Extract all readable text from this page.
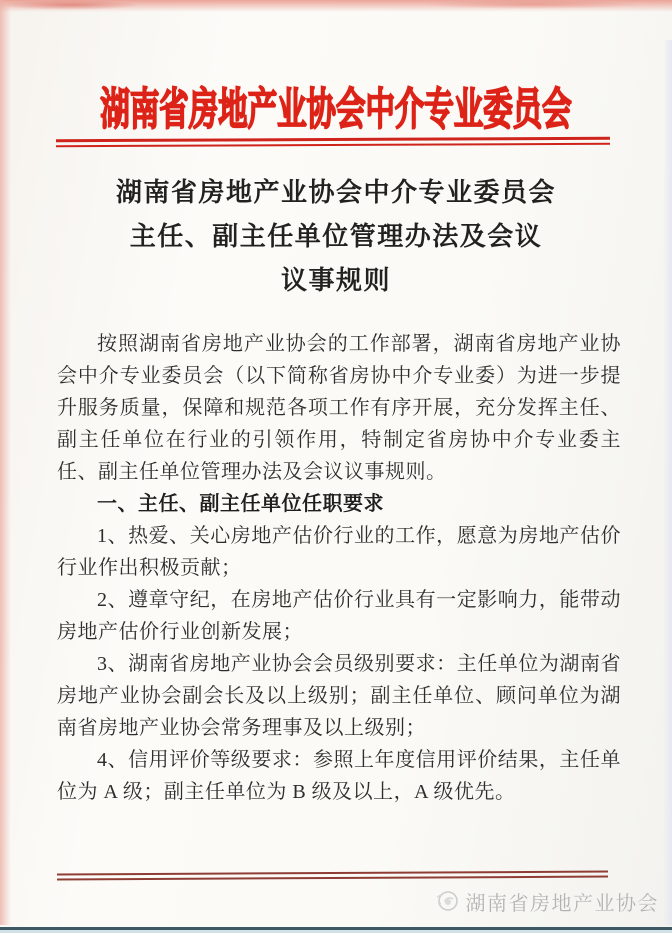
湖南省房地产业协会中介专业委员会
湖南省房地产业协会中介专业委员会
主任、副主任单位管理办法及会议
议事规则

按照湖南省房地产业协会的工作部署，湖南省房地产业协会中介专业委员会（以下简称省房协中介专业委）为进一步提升服务质量，保障和规范各项工作有序开展，充分发挥主任、副主任单位在行业的引领作用，特制定省房协中介专业委主任、副主任单位管理办法及会议议事规则。

一、主任、副主任单位任职要求

1、热爱、关心房地产估价行业的工作，愿意为房地产估价行业作出积极贡献；

2、遵章守纪，在房地产估价行业具有一定影响力，能带动房地产估价行业创新发展；

3、湖南省房地产业协会会员级别要求：主任单位为湖南省房地产业协会副会长及以上级别；副主任单位、顾问单位为湖南省房地产业协会常务理事及以上级别；

4、信用评价等级要求：参照上年度信用评价结果，主任单位为 A 级；副主任单位为 B 级及以上，A 级优先。

湖南省房地产业协会
